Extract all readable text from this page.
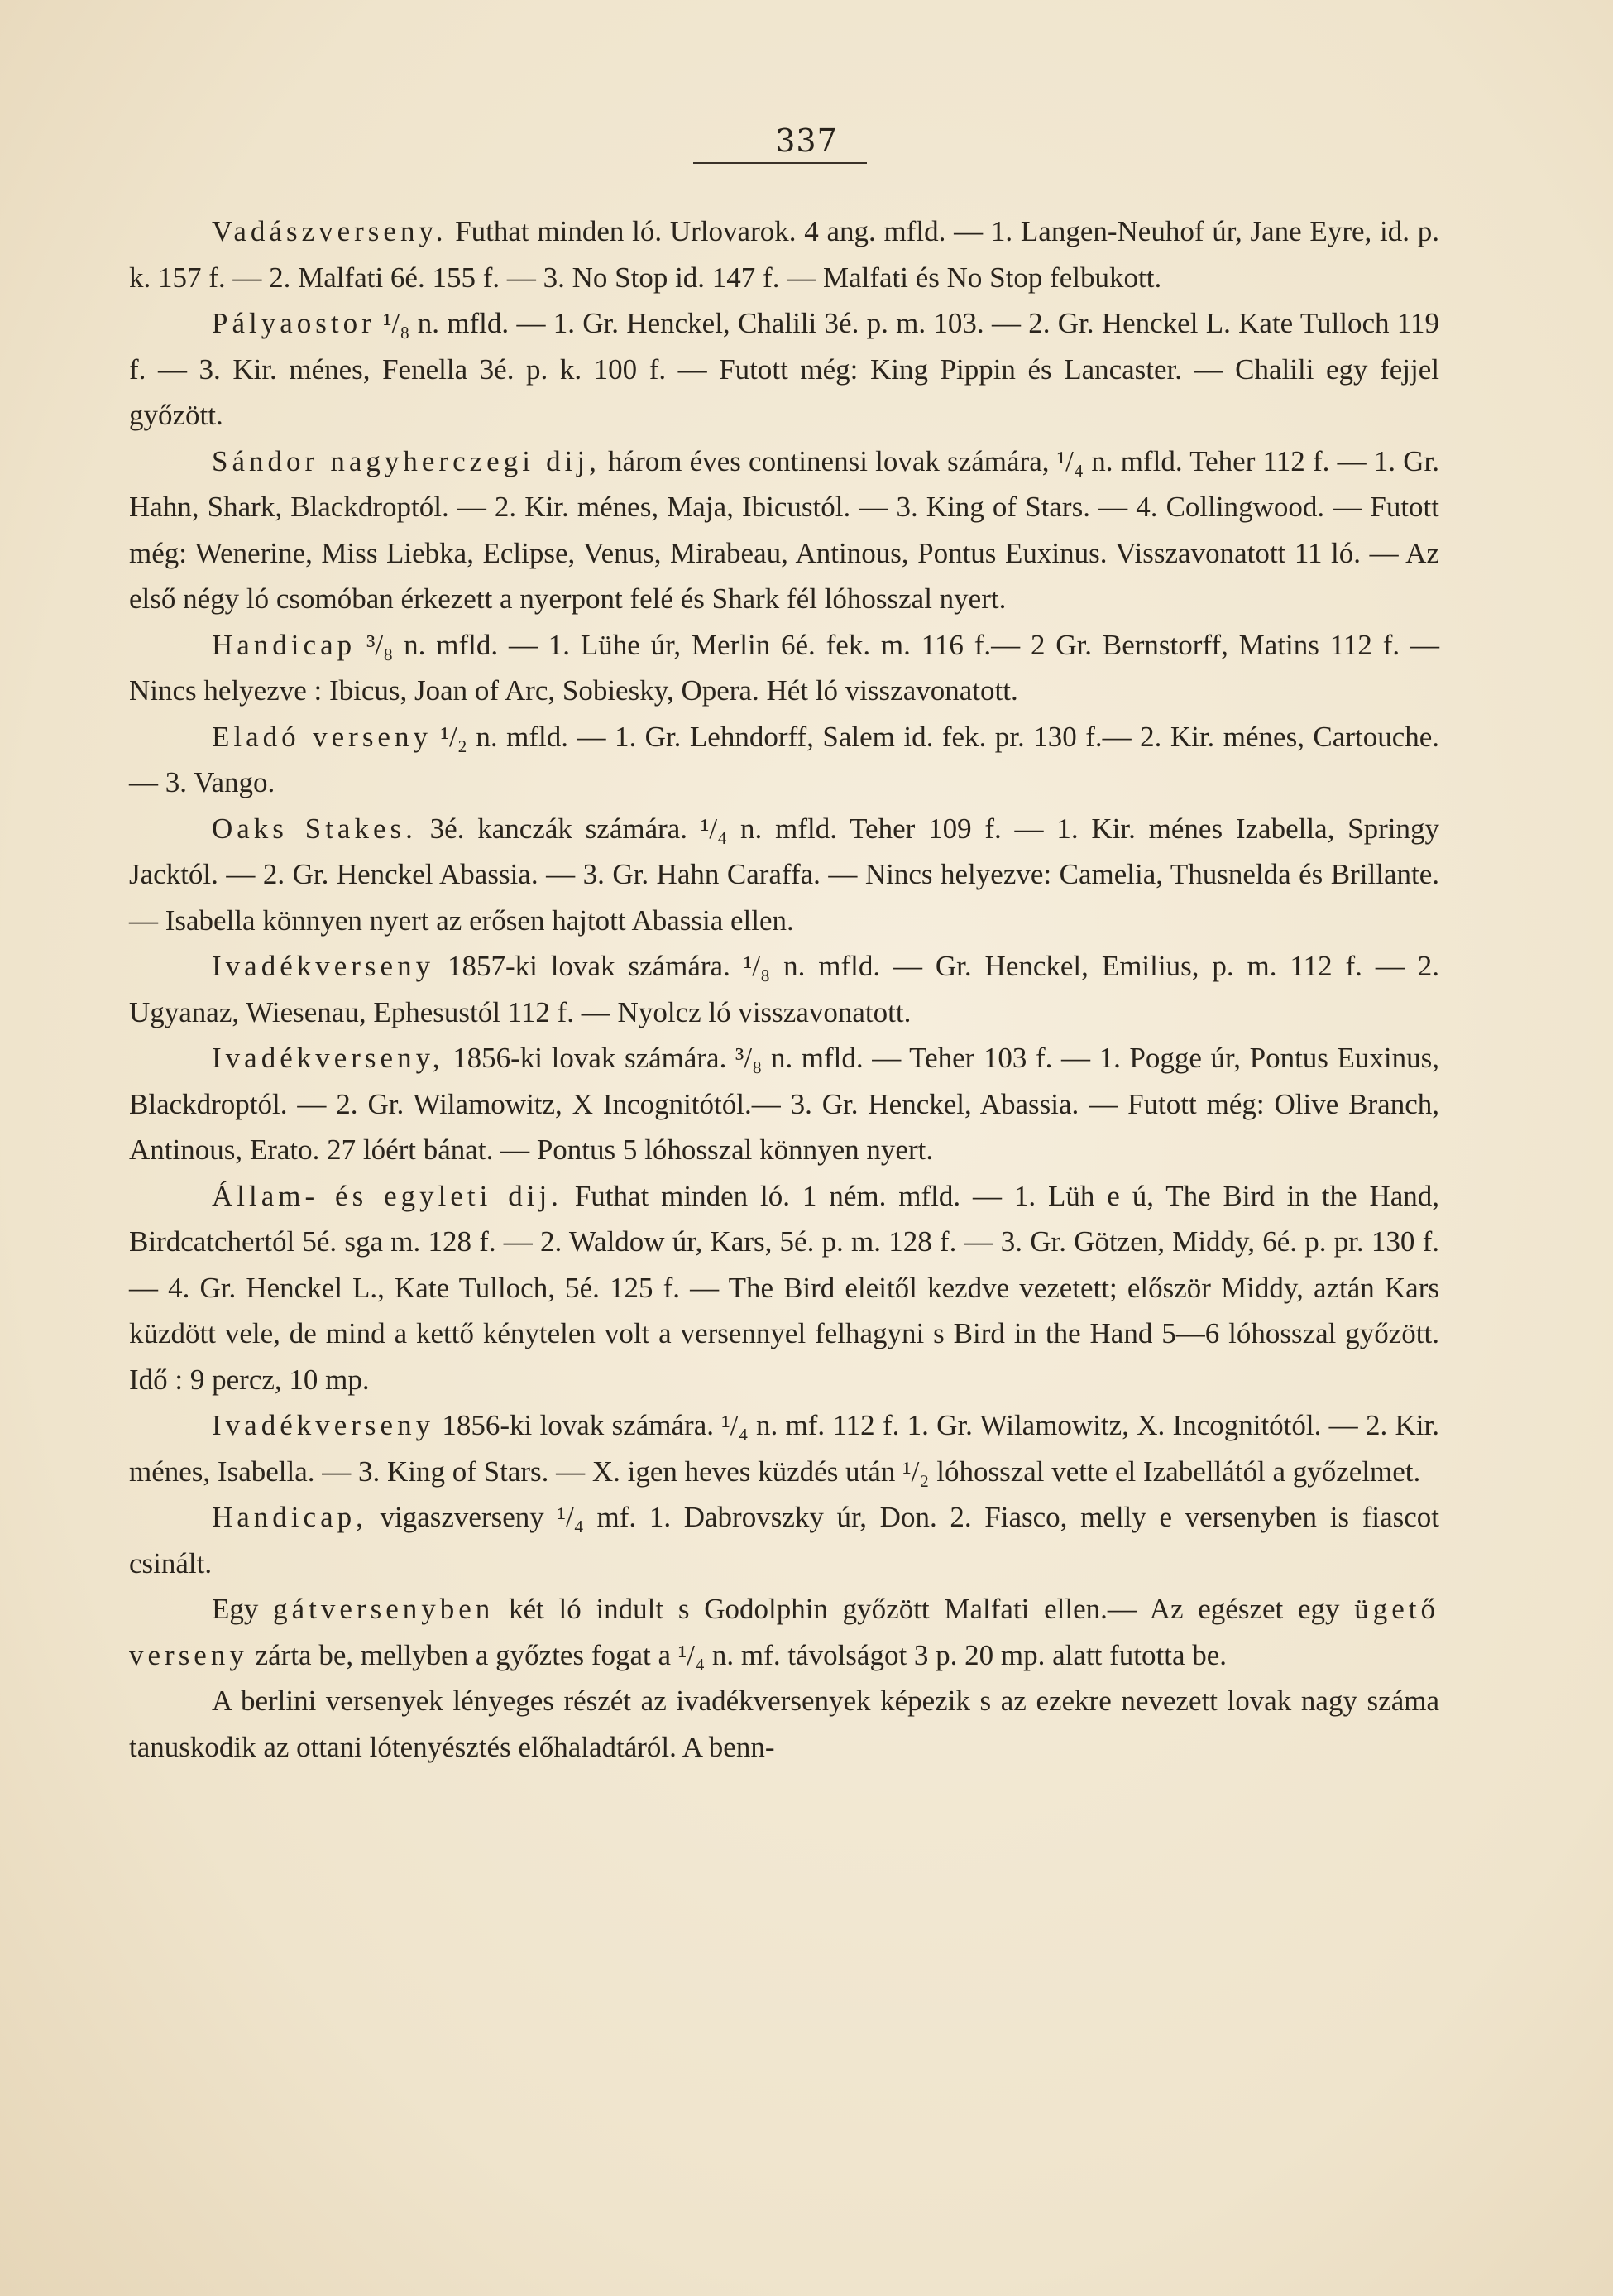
337

Vadászverseny. Futhat minden ló. Urlovarok. 4 ang. mfld. — 1. Langen-Neuhof úr, Jane Eyre, id. p. k. 157 f. — 2. Malfati 6é. 155 f. — 3. No Stop id. 147 f. — Malfati és No Stop felbukott.

Pályaostor ¹/₈ n. mfld. — 1. Gr. Henckel, Chalili 3é. p. m. 103. — 2. Gr. Henckel L. Kate Tulloch 119 f. — 3. Kir. ménes, Fenella 3é. p. k. 100 f. — Futott még: King Pippin és Lancaster. — Chalili egy fejjel győzött.

Sándor nagyherczegi dij, három éves continensi lovak számára, ¹/₄ n. mfld. Teher 112 f. — 1. Gr. Hahn, Shark, Blackdroptól. — 2. Kir. ménes, Maja, Ibicustól. — 3. King of Stars. — 4. Collingwood. — Futott még: Wenerine, Miss Liebka, Eclipse, Venus, Mirabeau, Antinous, Pontus Euxinus. Visszavonatott 11 ló. — Az első négy ló csomóban érkezett a nyerpont felé és Shark fél lóhosszal nyert.

Handicap ³/₈ n. mfld. — 1. Lühe úr, Merlin 6é. fek. m. 116 f.— 2 Gr. Bernstorff, Matins 112 f. — Nincs helyezve : Ibicus, Joan of Arc, Sobiesky, Opera. Hét ló visszavonatott.

Eladó verseny ¹/₂ n. mfld. — 1. Gr. Lehndorff, Salem id. fek. pr. 130 f.— 2. Kir. ménes, Cartouche. — 3. Vango.

Oaks Stakes. 3é. kanczák számára. ¹/₄ n. mfld. Teher 109 f. — 1. Kir. ménes Izabella, Springy Jacktól. — 2. Gr. Henckel Abassia. — 3. Gr. Hahn Caraffa. — Nincs helyezve: Camelia, Thusnelda és Brillante. — Isabella könnyen nyert az erősen hajtott Abassia ellen.

Ivadékverseny 1857-ki lovak számára. ¹/₈ n. mfld. — Gr. Henckel, Emilius, p. m. 112 f. — 2. Ugyanaz, Wiesenau, Ephesustól 112 f. — Nyolcz ló visszavonatott.

Ivadékverseny, 1856-ki lovak számára. ³/₈ n. mfld. — Teher 103 f. — 1. Pogge úr, Pontus Euxinus, Blackdroptól. — 2. Gr. Wilamowitz, X Incognitótól.— 3. Gr. Henckel, Abassia. — Futott még: Olive Branch, Antinous, Erato. 27 lóért bánat. — Pontus 5 lóhosszal könnyen nyert.

Állam- és egyleti dij. Futhat minden ló. 1 ném. mfld. — 1. Lüh e ú, The Bird in the Hand, Birdcatchertól 5é. sga m. 128 f. — 2. Waldow úr, Kars, 5é. p. m. 128 f. — 3. Gr. Götzen, Middy, 6é. p. pr. 130 f. — 4. Gr. Henckel L., Kate Tulloch, 5é. 125 f. — The Bird eleitől kezdve vezetett; először Middy, aztán Kars küzdött vele, de mind a kettő kénytelen volt a versennyel felhagyni s Bird in the Hand 5—6 lóhosszal győzött. Idő : 9 percz, 10 mp.

Ivadékverseny 1856-ki lovak számára. ¹/₄ n. mf. 112 f. 1. Gr. Wilamowitz, X. Incognitótól. — 2. Kir. ménes, Isabella. — 3. King of Stars. — X. igen heves küzdés után ¹/₂ lóhosszal vette el Izabellától a győzelmet.

Handicap, vigaszverseny ¹/₄ mf. 1. Dabrovszky úr, Don. 2. Fiasco, melly e versenyben is fiascot csinált.

Egy gátversenyben két ló indult s Godolphin győzött Malfati ellen.— Az egészet egy ügető verseny zárta be, mellyben a győztes fogat a ¹/₄ n. mf. távolságot 3 p. 20 mp. alatt futotta be.

A berlini versenyek lényeges részét az ivadékversenyek képezik s az ezekre nevezett lovak nagy száma tanuskodik az ottani lótenyésztés előhaladtáról. A benn-
